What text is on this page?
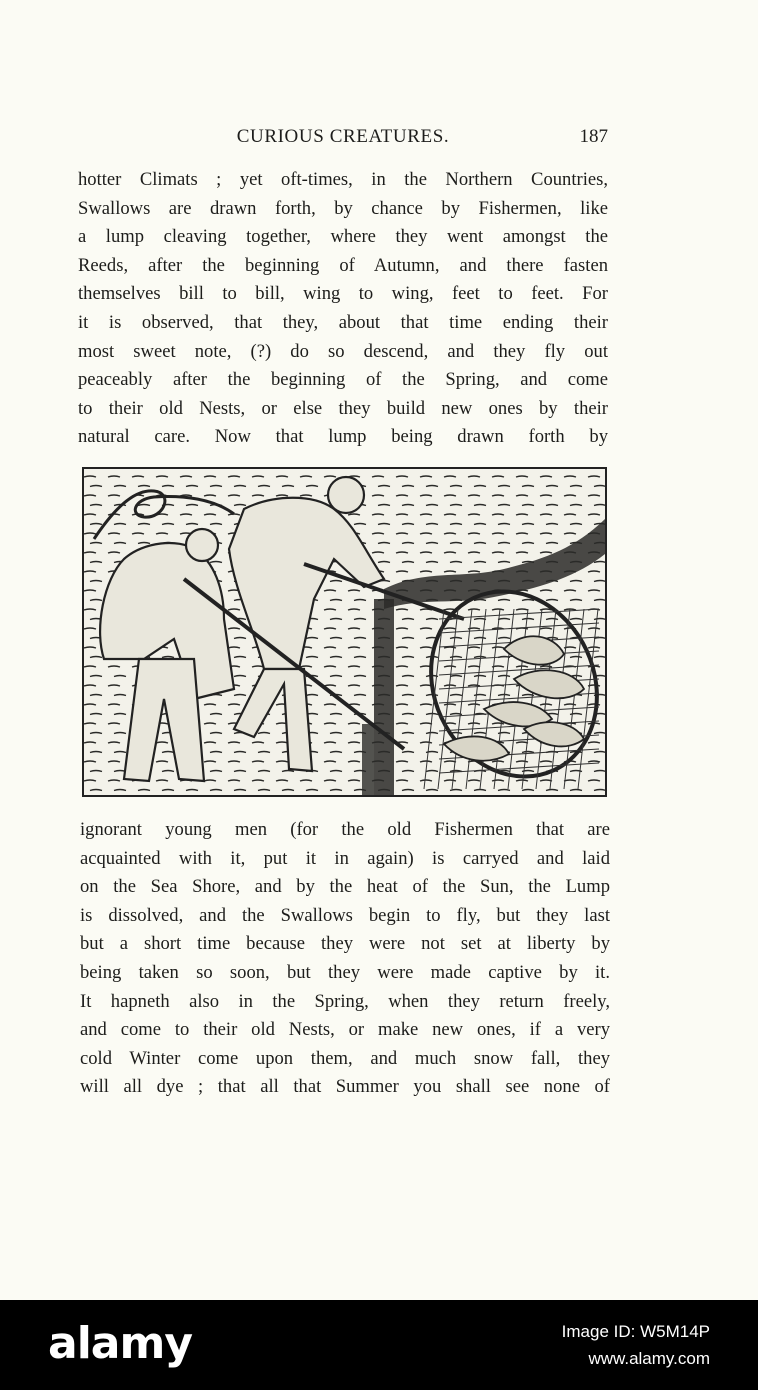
CURIOUS CREATURES.	187
hotter Climats ; yet oft-times, in the Northern Countries,
Swallows are drawn forth, by chance by Fishermen, like
a lump cleaving together, where they went amongst the
Reeds, after the beginning of Autumn, and there fasten
themselves bill to bill, wing to wing, feet to feet. For
it is observed, that they, about that time ending their
most sweet note, (?) do so descend, and they fly out
peaceably after the beginning of the Spring, and come
to their old Nests, or else they build new ones by their
natural care. Now that lump being drawn forth by
ignorant young men (for the old Fishermen that are
acquainted with it, put it in again) is carryed and laid
on the Sea Shore, and by the heat of the Sun, the Lump
is dissolved, and the Swallows begin to fly, but they last
but a short time because they were not set at liberty by
being taken so soon, but they were made captive by it.
It hapneth also in the Spring, when they return freely,
and come to their old Nests, or make new ones, if a very
cold Winter come upon them, and much snow fall, they
will all dye ; that all that Summer you shall see none of
alamy	Image ID: W5M14P
www.alamy.com
